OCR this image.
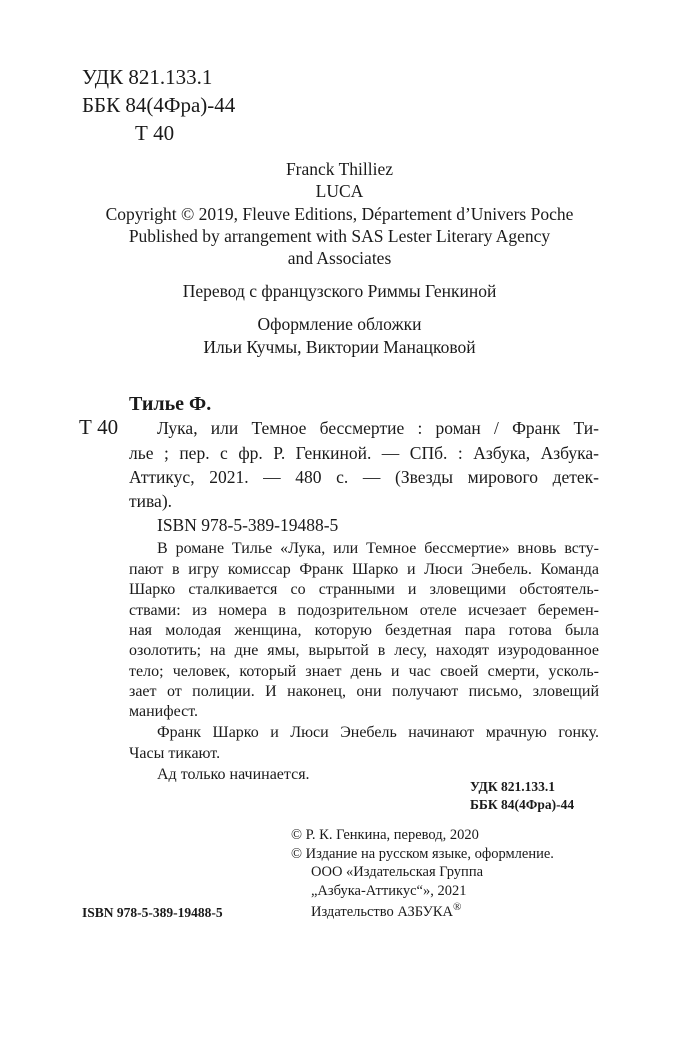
УДК 821.133.1
ББК 84(4Фра)-44
Т 40
Franck Thilliez
LUCA
Copyright © 2019, Fleuve Editions, Département d’Univers Poche
Published by arrangement with SAS Lester Literary Agency
and Associates
Перевод с французского Риммы Генкиной
Оформление обложки
Ильи Кучмы, Виктории Манацковой
Тилье Ф.
Т 40 Лука, или Темное бессмертие : роман / Франк Ти-
лье ; пер. с фр. Р. Генкиной. — СПб. : Азбука, Азбука-
Аттикус, 2021. — 480 с. — (Звезды мирового детек-
тива).
ISBN 978-5-389-19488-5
В романе Тилье «Лука, или Темное бессмертие» вновь всту-
пают в игру комиссар Франк Шарко и Люси Энебель. Команда
Шарко сталкивается со странными и зловещими обстоятель-
ствами: из номера в подозрительном отеле исчезает беремен-
ная молодая женщина, которую бездетная пара готова была
озолотить; на дне ямы, вырытой в лесу, находят изуродованное
тело; человек, который знает день и час своей смерти, усколь-
зает от полиции. И наконец, они получают письмо, зловещий
манифест.
Франк Шарко и Люси Энебель начинают мрачную гонку.
Часы тикают.
Ад только начинается.
УДК 821.133.1
ББК 84(4Фра)-44
© Р. К. Генкина, перевод, 2020
© Издание на русском языке, оформление.
ООО «Издательская Группа
„Азбука-Аттикус“», 2021
Издательство АЗБУКА®
ISBN 978-5-389-19488-5
